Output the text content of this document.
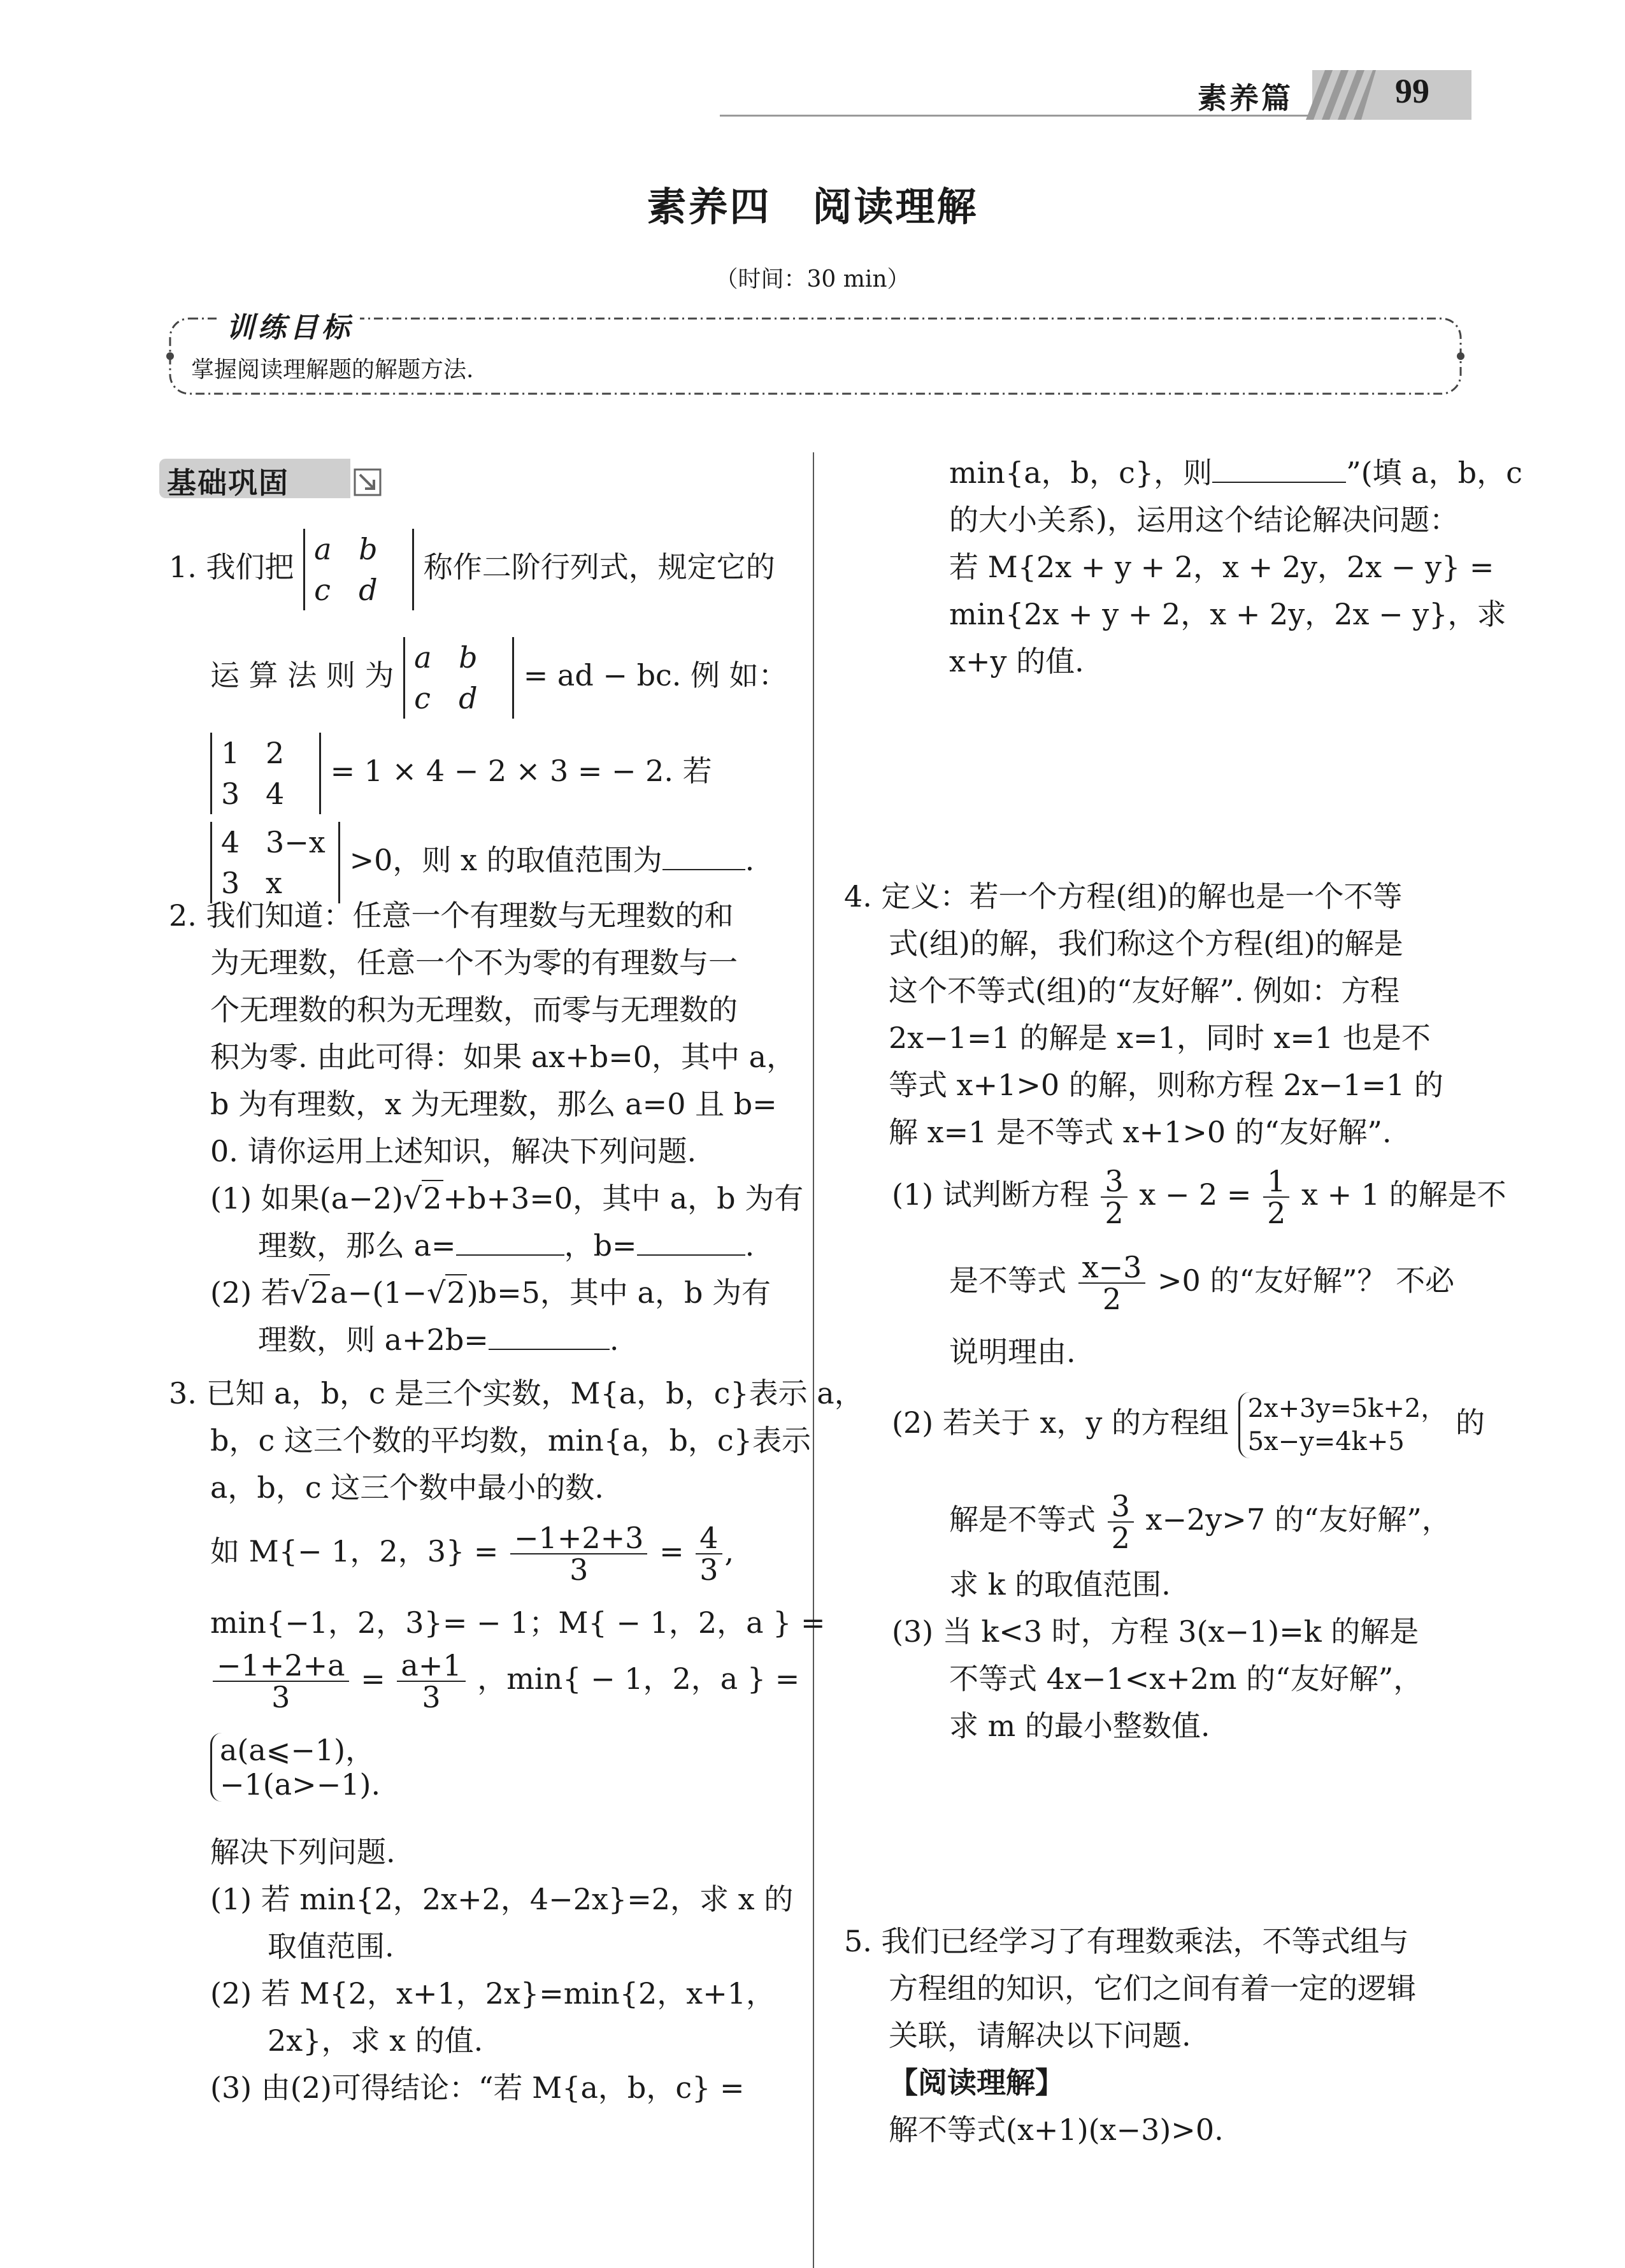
素养篇	99
素养四　阅读理解
（时间：30 min）
训练目标
掌握阅读理解题的解题方法.
基础巩固
1. 我们把 a b
c d 称作二阶行列式，规定它的
运 算 法 则 为 a b
c d = ad − bc. 例 如：
1 2
3 4 = 1 × 4 − 2 × 3 = − 2. 若
4 3−x
3 x >0，则 x 的取值范围为	.
2. 我们知道：任意一个有理数与无理数的和
为无理数，任意一个不为零的有理数与一
个无理数的积为无理数，而零与无理数的
积为零. 由此可得：如果 ax+b=0，其中 a，
b 为有理数，x 为无理数，那么 a=0 且 b=
0. 请你运用上述知识，解决下列问题.
(1) 如果(a−2)√2+b+3=0，其中 a，b 为有
理数，那么 a=	，b=	.
(2) 若√2a−(1−√2)b=5，其中 a，b 为有
理数，则 a+2b=	.
3. 已知 a，b，c 是三个实数，M{a，b，c}表示 a，
b，c 这三个数的平均数，min{a，b，c}表示
a，b，c 这三个数中最小的数.
如 M{− 1，2，$3\} = \frac{-1+2+3}{3} = \frac{4}{3}$ ,
min{−1，2，3}= − 1；M{ − 1，2，a } =
$\frac{-1+2+a}{3} = \frac{a+1}{3}$ ，min{ − 1，2，a } =
a(a⩽−1)，
−1(a>−1).
解决下列问题.
(1) 若 min{2，2x+2，4−2x}=2，求 x 的
取值范围.
(2) 若 M{2，x+1，2x}=min{2，x+1，
2x}，求 x 的值.
(3) 由(2)可得结论：“若 M{a，b，c} =
min{a，b，c}，则	”(填 a，b，c
的大小关系)，运用这个结论解决问题：
若 M{2x + y + 2，x + 2y，2x − y} =
min{2x + y + 2，x + 2y，2x − y}，求
x+y 的值.
4. 定义：若一个方程(组)的解也是一个不等
式(组)的解，我们称这个方程(组)的解是
这个不等式(组)的“友好解”. 例如：方程
2x−1=1 的解是 x=1，同时 x=1 也是不
等式 x+1>0 的解，则称方程 2x−1=1 的
解 x=1 是不等式 x+1>0 的“友好解”.
(1) 试判断方程 $\frac{3}{2}$ $x - 2 = \frac{1}{2}$ x + 1 的解是不
是不等式 $\frac{x-3}{2} >0$ 的“友好解”？ 不必
说明理由.
(2) 若关于 x，y 的方程组 2x+3y=5k+2，
5x−y=4k+5 的
解是不等式 $\frac{3}{2} x-2y>7$ 的“友好解”，
求 k 的取值范围.
(3) 当 k<3 时，方程 3(x−1)=k 的解是
不等式 4x−1<x+2m 的“友好解”，
求 m 的最小整数值.
5. 我们已经学习了有理数乘法，不等式组与
方程组的知识，它们之间有着一定的逻辑
关联，请解决以下问题.
【阅读理解】
解不等式(x+1)(x−3)>0.
